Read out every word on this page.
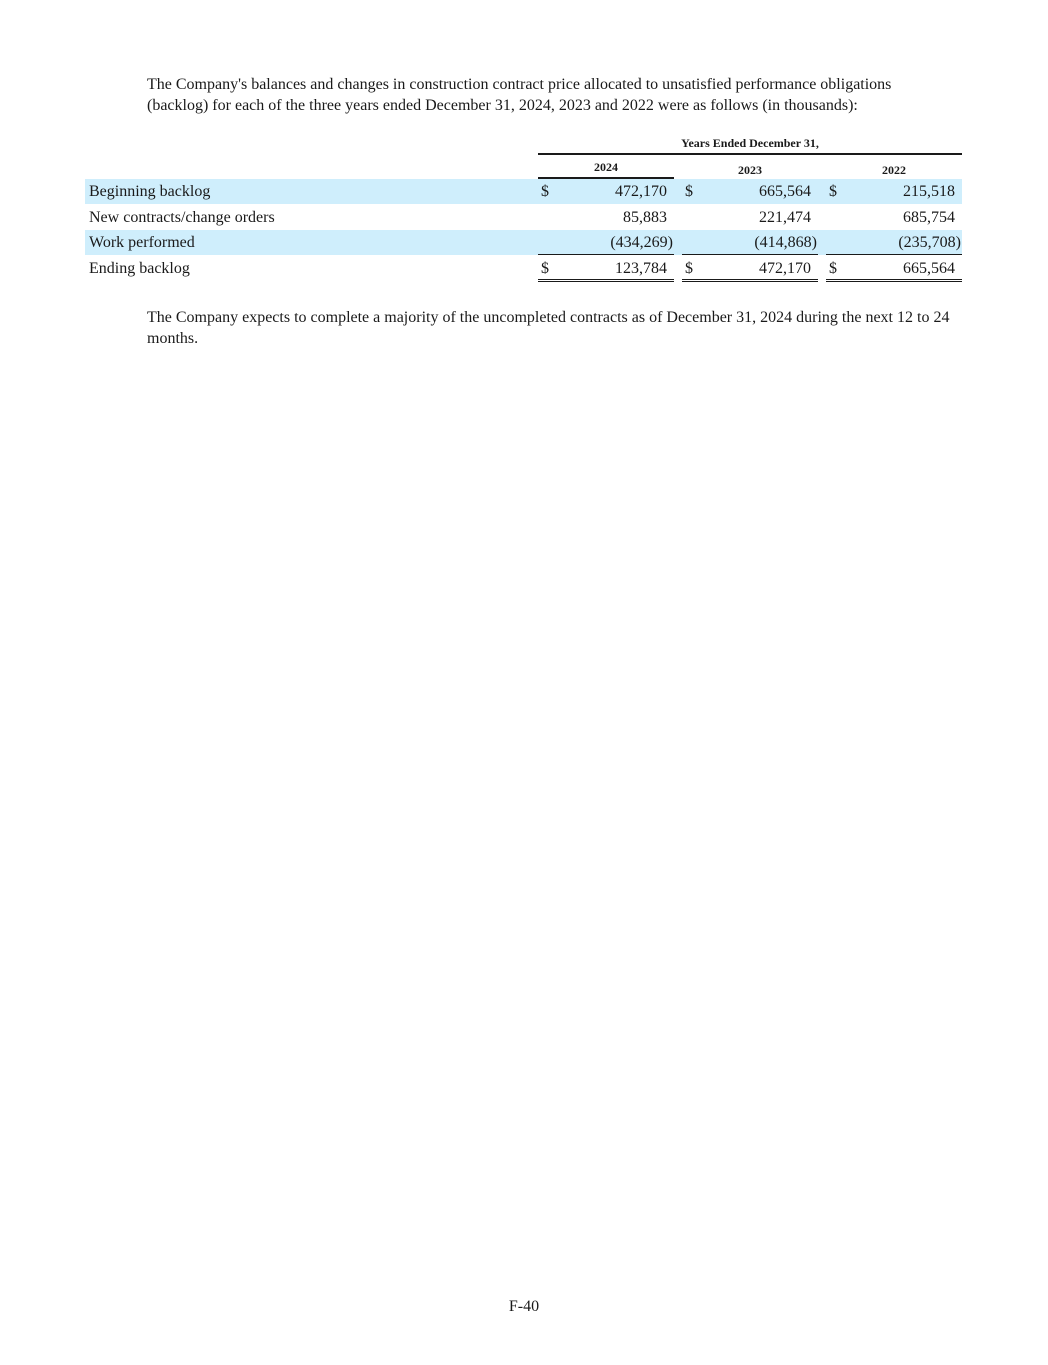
The Company's balances and changes in construction contract price allocated to unsatisfied performance obligations (backlog) for each of the three years ended December 31, 2024, 2023 and 2022 were as follows (in thousands):

Years Ended December 31,
2024	2023	2022
Beginning backlog	$	472,170 $	665,564 $	215,518
New contracts/change orders	85,883	221,474	685,754
Work performed	(434,269)	(414,868)	(235,708)
Ending backlog	$	123,784 $	472,170 $	665,564

The Company expects to complete a majority of the uncompleted contracts as of December 31, 2024 during the next 12 to 24 months.

F-40
